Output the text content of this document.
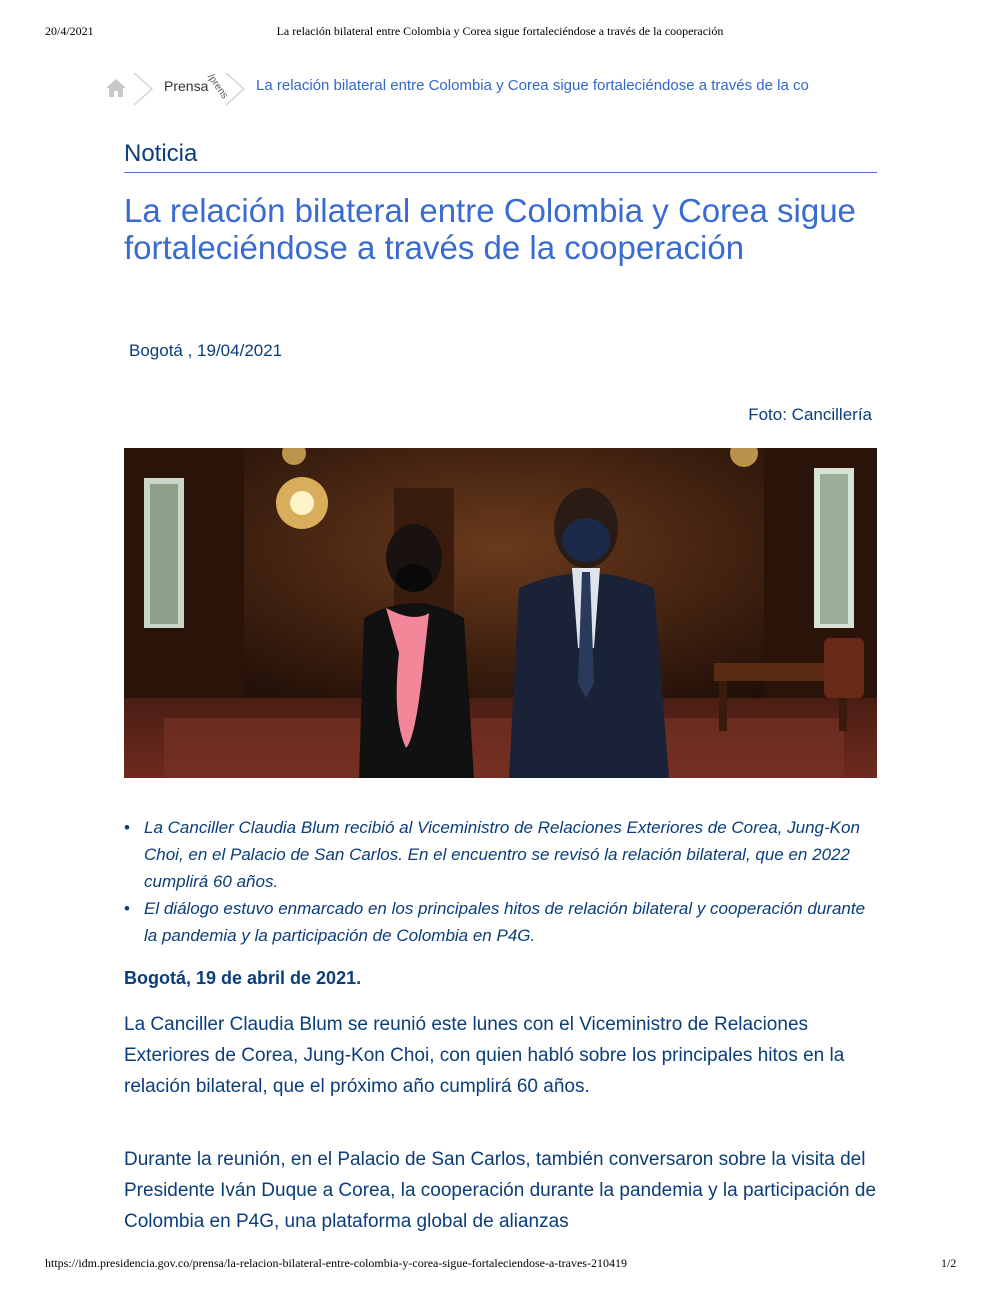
20/4/2021	La relación bilateral entre Colombia y Corea sigue fortaleciéndose a través de la cooperación
Prensa
/prens La relación bilateral entre Colombia y Corea sigue fortaleciéndose a través de la co
Noticia
La relación bilateral entre Colombia y Corea sigue fortaleciéndose a través de la cooperación
Bogotá , 19/04/2021
Foto: Cancillería
• La Canciller Claudia Blum recibió al Viceministro de Relaciones Exteriores de Corea, Jung-Kon Choi, en el Palacio de San Carlos. En el encuentro se revisó la relación bilateral, que en 2022 cumplirá 60 años.
• El diálogo estuvo enmarcado en los principales hitos de relación bilateral y cooperación durante la pandemia y la participación de Colombia en P4G.
Bogotá, 19 de abril de 2021.

La Canciller Claudia Blum se reunió este lunes con el Viceministro de Relaciones Exteriores de Corea, Jung-Kon Choi, con quien habló sobre los principales hitos en la relación bilateral, que el próximo año cumplirá 60 años.

Durante la reunión, en el Palacio de San Carlos, también conversaron sobre la visita del Presidente Iván Duque a Corea, la cooperación durante la pandemia y la participación de Colombia en P4G, una plataforma global de alianzas

https://idm.presidencia.gov.co/prensa/la-relacion-bilateral-entre-colombia-y-corea-sigue-fortaleciendose-a-traves-210419	1/2
